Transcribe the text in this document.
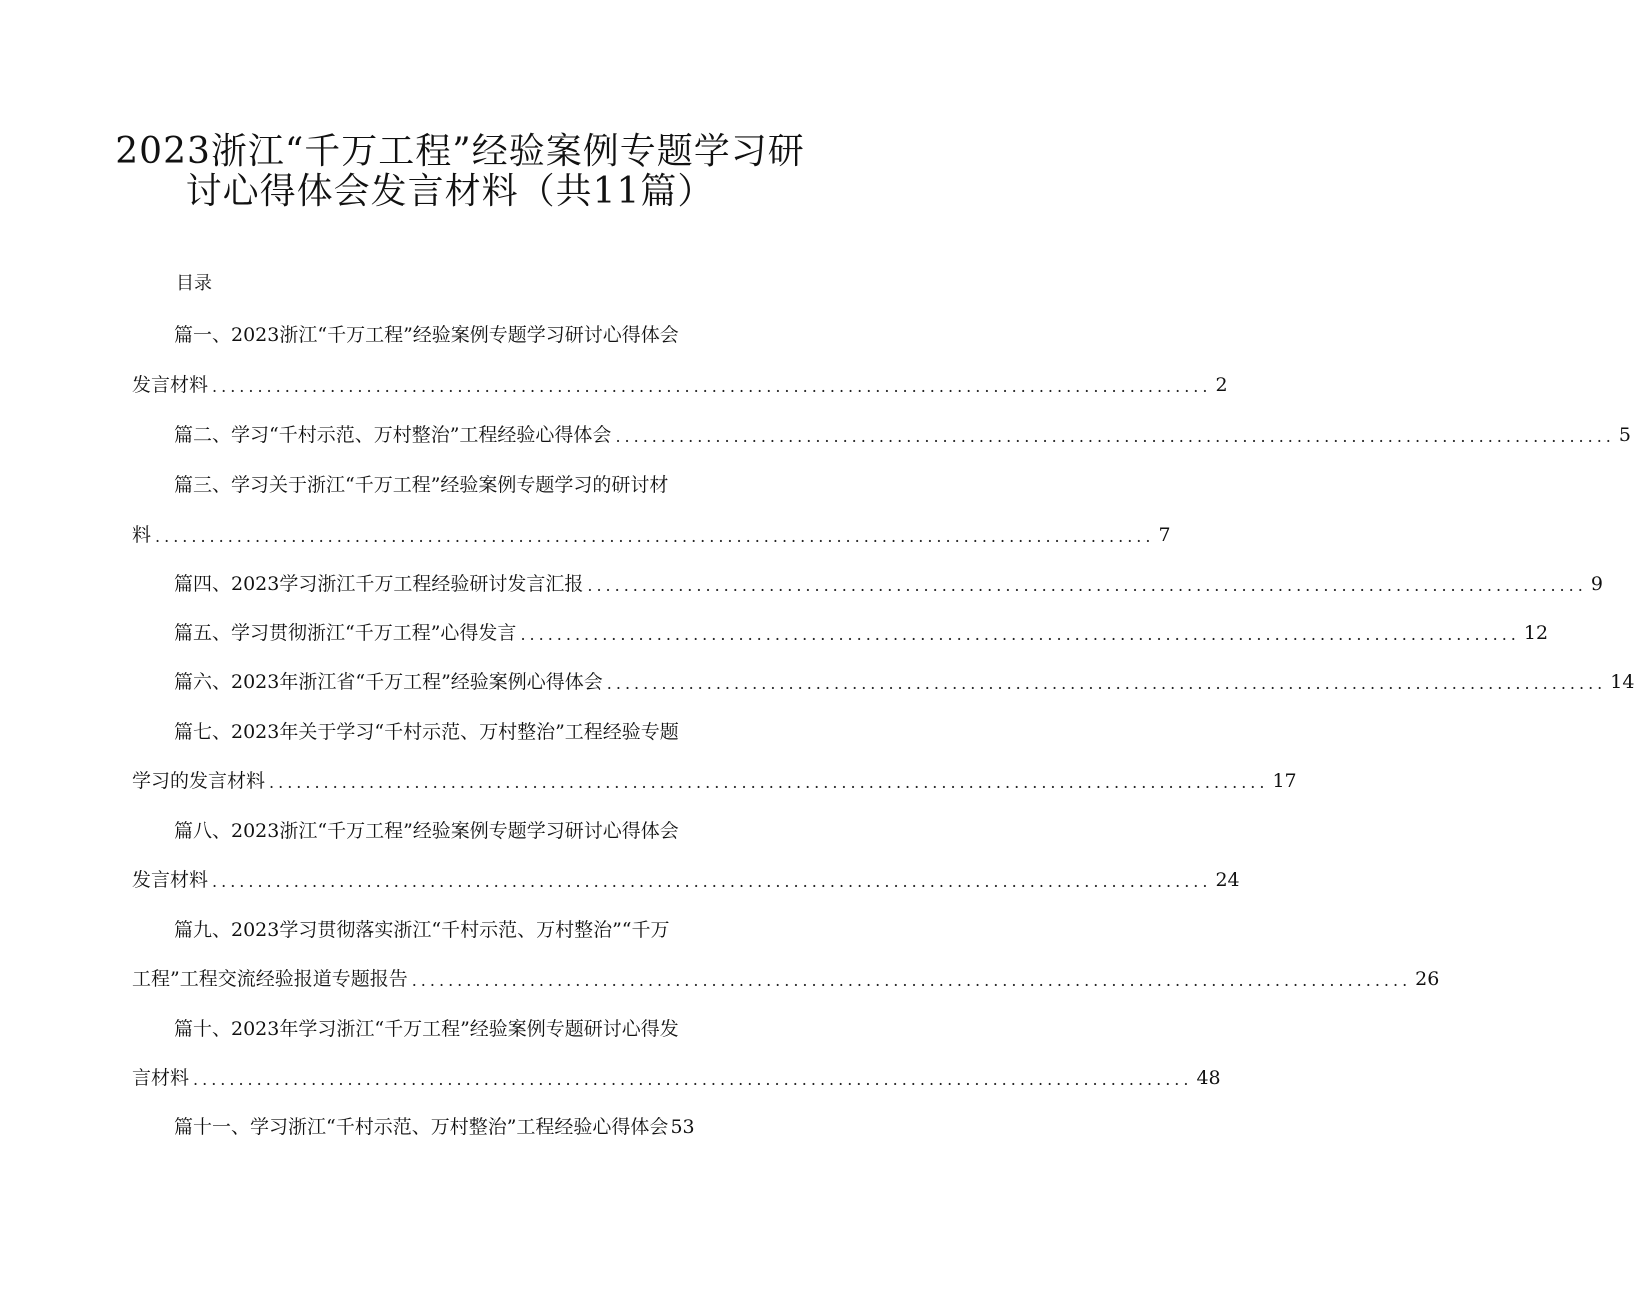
2023浙江“千万工程”经验案例专题学习研
讨心得体会发言材料（共11篇）
目录
篇一、2023浙江“千万工程”经验案例专题学习研讨心得体会
发言材料 .............................................................................................................. 2
篇二、学习“千村示范、万村整治”工程经验心得体会 .............................................................................................................. 5
篇三、学习关于浙江“千万工程”经验案例专题学习的研讨材
料 .............................................................................................................. 7
篇四、2023学习浙江千万工程经验研讨发言汇报 .............................................................................................................. 9
篇五、学习贯彻浙江“千万工程”心得发言 .............................................................................................................. 12
篇六、2023年浙江省“千万工程”经验案例心得体会 .............................................................................................................. 14
篇七、2023年关于学习“千村示范、万村整治”工程经验专题
学习的发言材料 .............................................................................................................. 17
篇八、2023浙江“千万工程”经验案例专题学习研讨心得体会
发言材料 .............................................................................................................. 24
篇九、2023学习贯彻落实浙江“千村示范、万村整治”“千万
工程”工程交流经验报道专题报告 .............................................................................................................. 26
篇十、2023年学习浙江“千万工程”经验案例专题研讨心得发
言材料 .............................................................................................................. 48
篇十一、学习浙江“千村示范、万村整治”工程经验心得体会 53
